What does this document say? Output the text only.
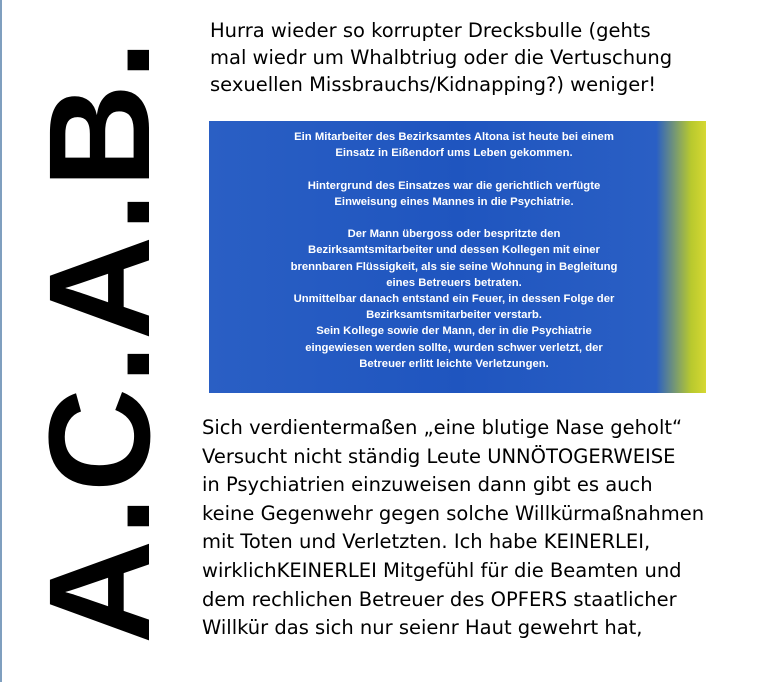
A.C.A.B.
Hurra wieder so korrupter Drecksbulle (gehts
mal wiedr um Whalbtriug oder die Vertuschung
sexuellen Missbrauchs/Kidnapping?) weniger!
Ein Mitarbeiter des Bezirksamtes Altona ist heute bei einem
Einsatz in Eißendorf ums Leben gekommen.
Hintergrund des Einsatzes war die gerichtlich verfügte
Einweisung eines Mannes in die Psychiatrie.
Der Mann übergoss oder bespritzte den
Bezirksamtsmitarbeiter und dessen Kollegen mit einer
brennbaren Flüssigkeit, als sie seine Wohnung in Begleitung
eines Betreuers betraten.
Unmittelbar danach entstand ein Feuer, in dessen Folge der
Bezirksamtsmitarbeiter verstarb.
Sein Kollege sowie der Mann, der in die Psychiatrie
eingewiesen werden sollte, wurden schwer verletzt, der
Betreuer erlitt leichte Verletzungen.
Sich verdientermaßen „eine blutige Nase geholt“
Versucht nicht ständig Leute UNNÖTOGERWEISE
in Psychiatrien einzuweisen dann gibt es auch
keine Gegenwehr gegen solche Willkürmaßnahmen
mit Toten und Verletzten. Ich habe KEINERLEI,
wirklichKEINERLEI Mitgefühl für die Beamten und
dem rechlichen Betreuer des OPFERS staatlicher
Willkür das sich nur seienr Haut gewehrt hat,
